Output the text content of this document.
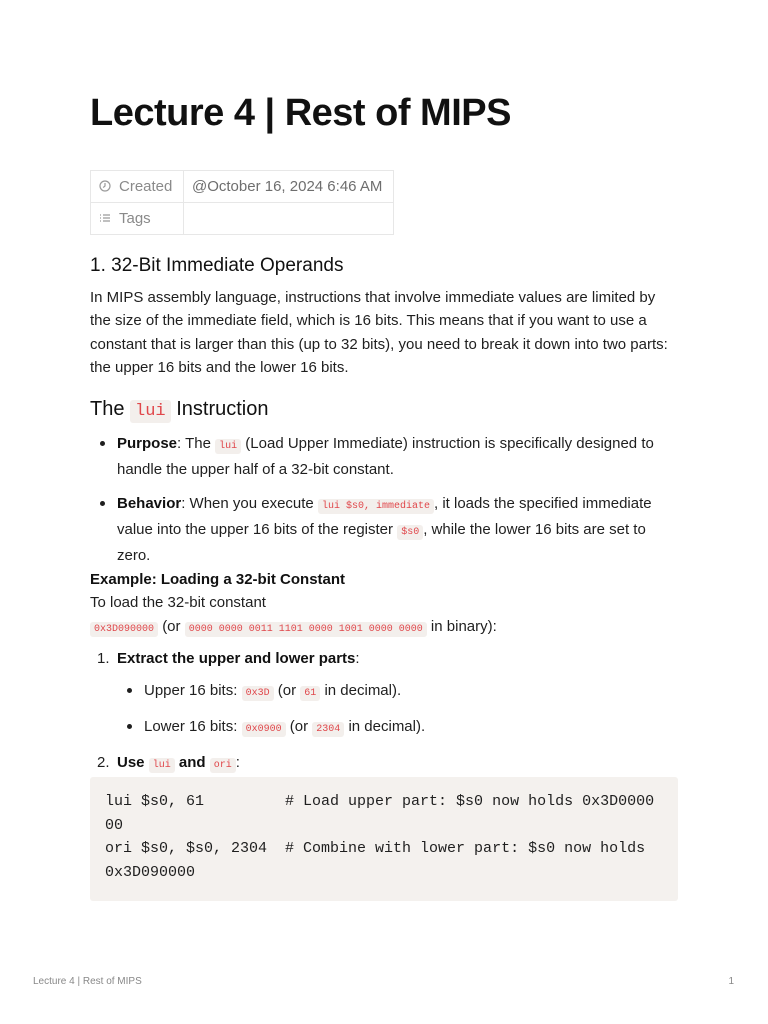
Lecture 4 | Rest of MIPS
Created	@October 16, 2024 6:46 AM
Tags	
1. 32-Bit Immediate Operands

In MIPS assembly language, instructions that involve immediate values are limited by the size of the immediate field, which is 16 bits. This means that if you want to use a constant that is larger than this (up to 32 bits), you need to break it down into two parts: the upper 16 bits and the lower 16 bits.

The lui Instruction
Purpose: The lui (Load Upper Immediate) instruction is specifically designed to handle the upper half of a 32-bit constant.
Behavior: When you execute lui $s0, immediate , it loads the specified immediate value into the upper 16 bits of the register $s0 , while the lower 16 bits are set to zero.
Example: Loading a 32-bit Constant
To load the 32-bit constant
0x3D090000 (or 0000 0000 0011 1101 0000 1001 0000 0000 in binary):
1. Extract the upper and lower parts:
Upper 16 bits: 0x3D (or 61 in decimal).
Lower 16 bits: 0x0900 (or 2304 in decimal).
2. Use lui and ori :
lui $s0, 61         # Load upper part: $s0 now holds 0x3D0000
00
ori $s0, $s0, 2304  # Combine with lower part: $s0 now holds
0x3D090000
Lecture 4 | Rest of MIPS	1
